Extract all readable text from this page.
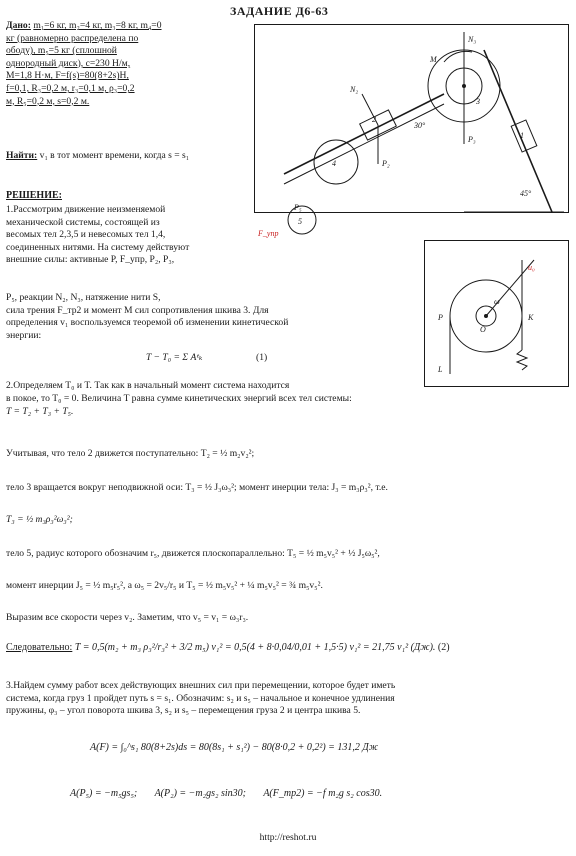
ЗАДАНИЕ Д6-63
Дано: m₁=6 кг, m₂=4 кг, m₃=8 кг, m₄=0
кг (равномерно распределена по
ободу), m₅=5 кг (сплошной
однородный диск), c=230 Н/м,
M=1,8 Н·м, F=f(s)=80(8+2s)Н,
f=0,1, R₃=0,2 м, r₃=0,1 м, ρ₃=0,2
м, R₅=0,2 м, s=0,2 м.
Найти: v₁ в тот момент времени, когда s = s₁
РЕШЕНИЕ:
1.Рассмотрим движение неизменяемой
механической системы, состоящей из
весомых тел 2,3,5 и невесомых тел 1,4,
соединенных нитями. На систему действуют
внешние силы: активные P, F_упр, P₂, P₃,
P₅, реакции N₂, N₃, натяжение нити S,
сила трения F_тр2 и момент M сил сопротивления шкива 3. Для
определения v₁ воспользуемся теоремой об изменении кинетической
энергии:
T − T₀ = Σ Aᵉₖ	(1)
2.Определяем T₀ и T. Так как в начальный момент система находится
в покое, то T₀ = 0. Величина T равна сумме кинетических энергий всех тел системы:
T = T₂ + T₃ + T₅.
Учитывая, что тело 2 движется поступательно: T₂ = ½ m₂v₂²;
тело 3 вращается вокруг неподвижной оси: T₃ = ½ J₃ω₃²; момент инерции тела: J₃ = m₃ρ₃², т.е.
T₃ = ½ m₃ρ₃²ω₃²;
тело 5, радиус которого обозначим r₅, движется плоскопараллельно: T₅ = ½ m₅v₅² + ½ J₅ω₅²,
момент инерции J₅ = ½ m₅r₅², а ω₅ = 2v₅/r₅ и T₅ = ½ m₅v₅² + ¼ m₅v₅² = ¾ m₅v₅².
Выразим все скорости через v₂. Заметим, что v₅ = v₁ = ω₃r₃.
Следовательно: T = 0,5(m₂ + m₃ ρ₃²/r₃² + 3/2 m₅) v₁² = 0,5(4 + 8·0,04/0,01 + 1,5·5) v₁² = 21,75 v₁² (Дж). (2)
3.Найдем сумму работ всех действующих внешних сил при перемещении, которое будет иметь
система, когда груз 1 пройдет путь s = s₁. Обозначим: s₂ и s₅ – начальное и конечное удлинения
пружины, φ₃ – угол поворота шкива 3, s₂ и s₅ – перемещения груза 2 и центра шкива 5.
A(F) = ∫₀^s₁ 80(8+2s)ds = 80(8s₁ + s₁²) − 80(8·0,2 + 0,2²) = 131,2 Дж
A(P₅) = −m₅gs₅; A(P₂) = −m₂gs₂ sin30; A(F_тр2) = −f m₂g s₂ cos30.
http://reshot.ru
N₃
M
P₃
N₂
P₂
F_упр
P₅
3
4
5
2
1
30°
45°
P
L
K
O
ω
u₀
